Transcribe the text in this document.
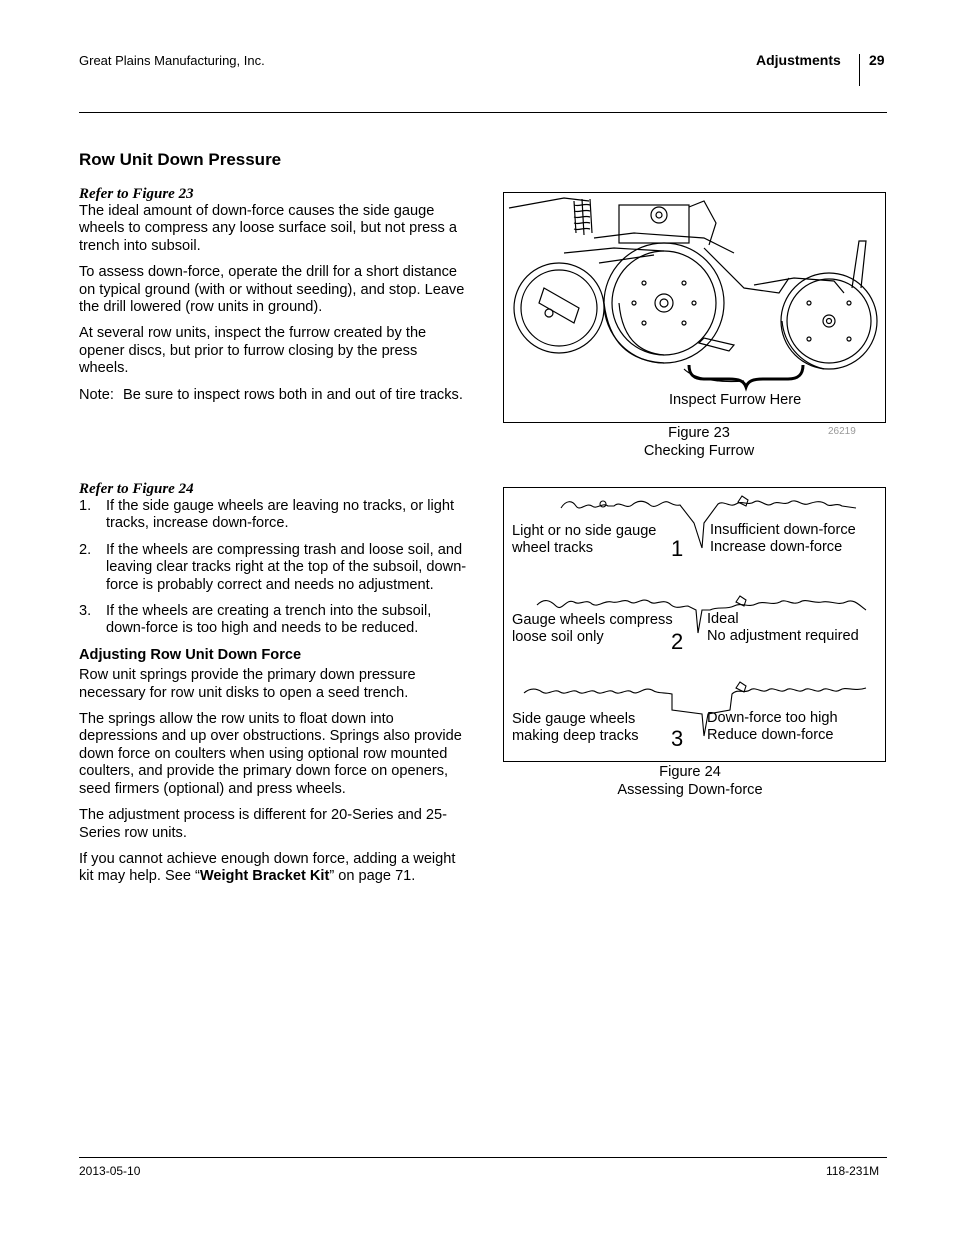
Great Plains Manufacturing, Inc.	Adjustments 29
Row Unit Down Pressure
Refer to Figure 23

The ideal amount of down-force causes the side gauge wheels to compress any loose surface soil, but not press a trench into subsoil.

To assess down-force, operate the drill for a short distance on typical ground (with or without seeding), and stop. Leave the drill lowered (row units in ground).

At several row units, inspect the furrow created by the opener discs, but prior to furrow closing by the press wheels.

Note: Be sure to inspect rows both in and out of tire tracks.
Refer to Figure 24
1.	If the side gauge wheels are leaving no tracks, or light tracks, increase down-force.
2.	If the wheels are compressing trash and loose soil, and leaving clear tracks right at the top of the subsoil, down-force is probably correct and needs no adjustment.
3.	If the wheels are creating a trench into the subsoil, down-force is too high and needs to be reduced.
Adjusting Row Unit Down Force

Row unit springs provide the primary down pressure necessary for row unit disks to open a seed trench.

The springs allow the row units to float down into depressions and up over obstructions. Springs also provide down force on coulters when using optional row mounted coulters, and provide the primary down force on openers, seed firmers (optional) and press wheels.

The adjustment process is different for 20-Series and 25-Series row units.

If you cannot achieve enough down force, adding a weight kit may help. See “Weight Bracket Kit” on page 71.

Inspect Furrow Here
Figure 23
Checking Furrow
26219
Light or no side gauge
wheel tracks	1
Insufficient down-force
Increase down-force
Gauge wheels compress
loose soil only	2
Ideal
No adjustment required
Side gauge wheels
making deep tracks 3
Down-force too high
Reduce down-force
Figure 24
Assessing Down-force
2013-05-10	118-231M
